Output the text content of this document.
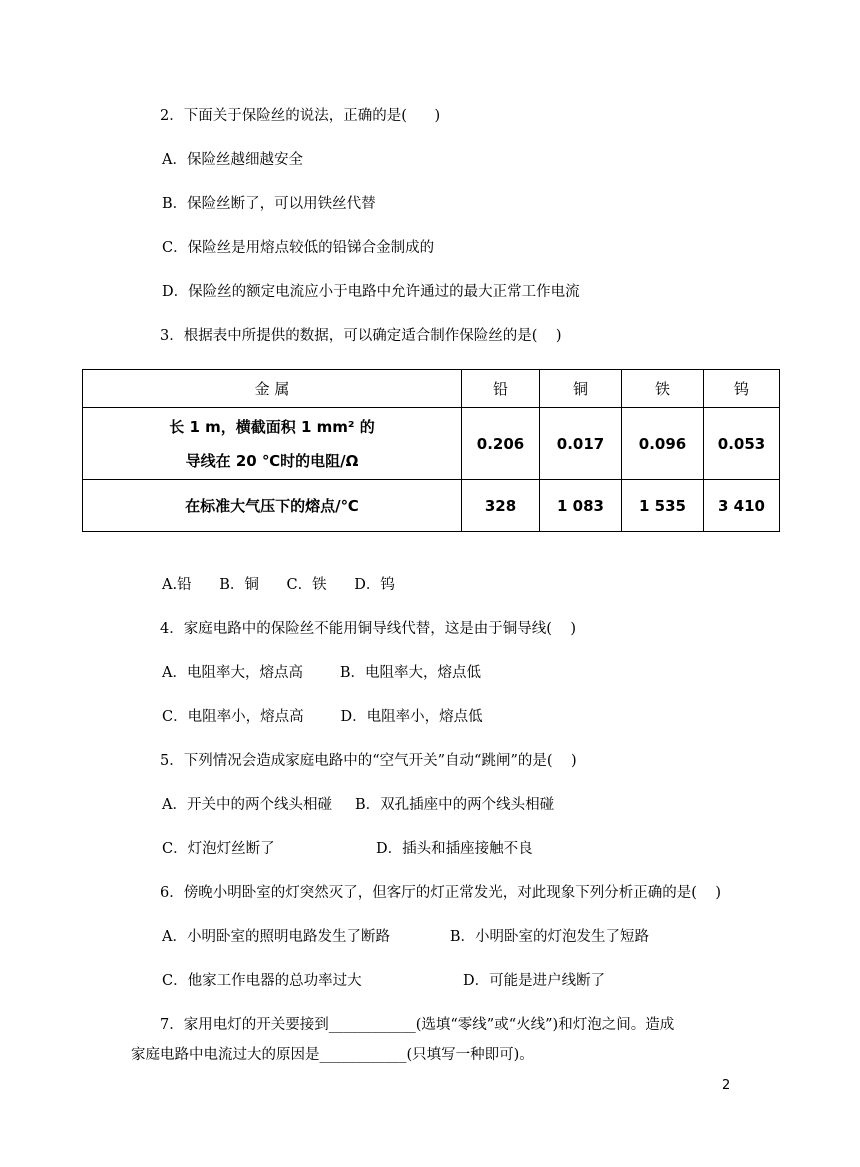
2．下面关于保险丝的说法，正确的是(      )
A．保险丝越细越安全
B．保险丝断了，可以用铁丝代替
C．保险丝是用熔点较低的铅锑合金制成的
D．保险丝的额定电流应小于电路中允许通过的最大正常工作电流
3．根据表中所提供的数据，可以确定适合制作保险丝的是(    )
金 属	铅	铜	铁	钨

长 1 m，横截面积 1 mm² 的
导线在 20 ℃时的电阻/Ω	0.206	0.017	0.096	0.053
在标准大气压下的熔点/℃	328	1 083	1 535	3 410
A.铅      B．铜      C．铁      D．钨
4．家庭电路中的保险丝不能用铜导线代替，这是由于铜导线(    )
A．电阻率大，熔点高        B．电阻率大，熔点低
C．电阻率小，熔点高        D．电阻率小，熔点低
5．下列情况会造成家庭电路中的“空气开关”自动“跳闸”的是(    )
A．开关中的两个线头相碰     B．双孔插座中的两个线头相碰
C．灯泡灯丝断了                      D．插头和插座接触不良
6．傍晚小明卧室的灯突然灭了，但客厅的灯正常发光，对此现象下列分析正确的是(    )
A．小明卧室的照明电路发生了断路             B．小明卧室的灯泡发生了短路
C．他家工作电器的总功率过大                      D．可能是进户线断了
7．家用电灯的开关要接到____________(选填“零线”或“火线”)和灯泡之间。造成
家庭电路中电流过大的原因是____________(只填写一种即可)。
2
